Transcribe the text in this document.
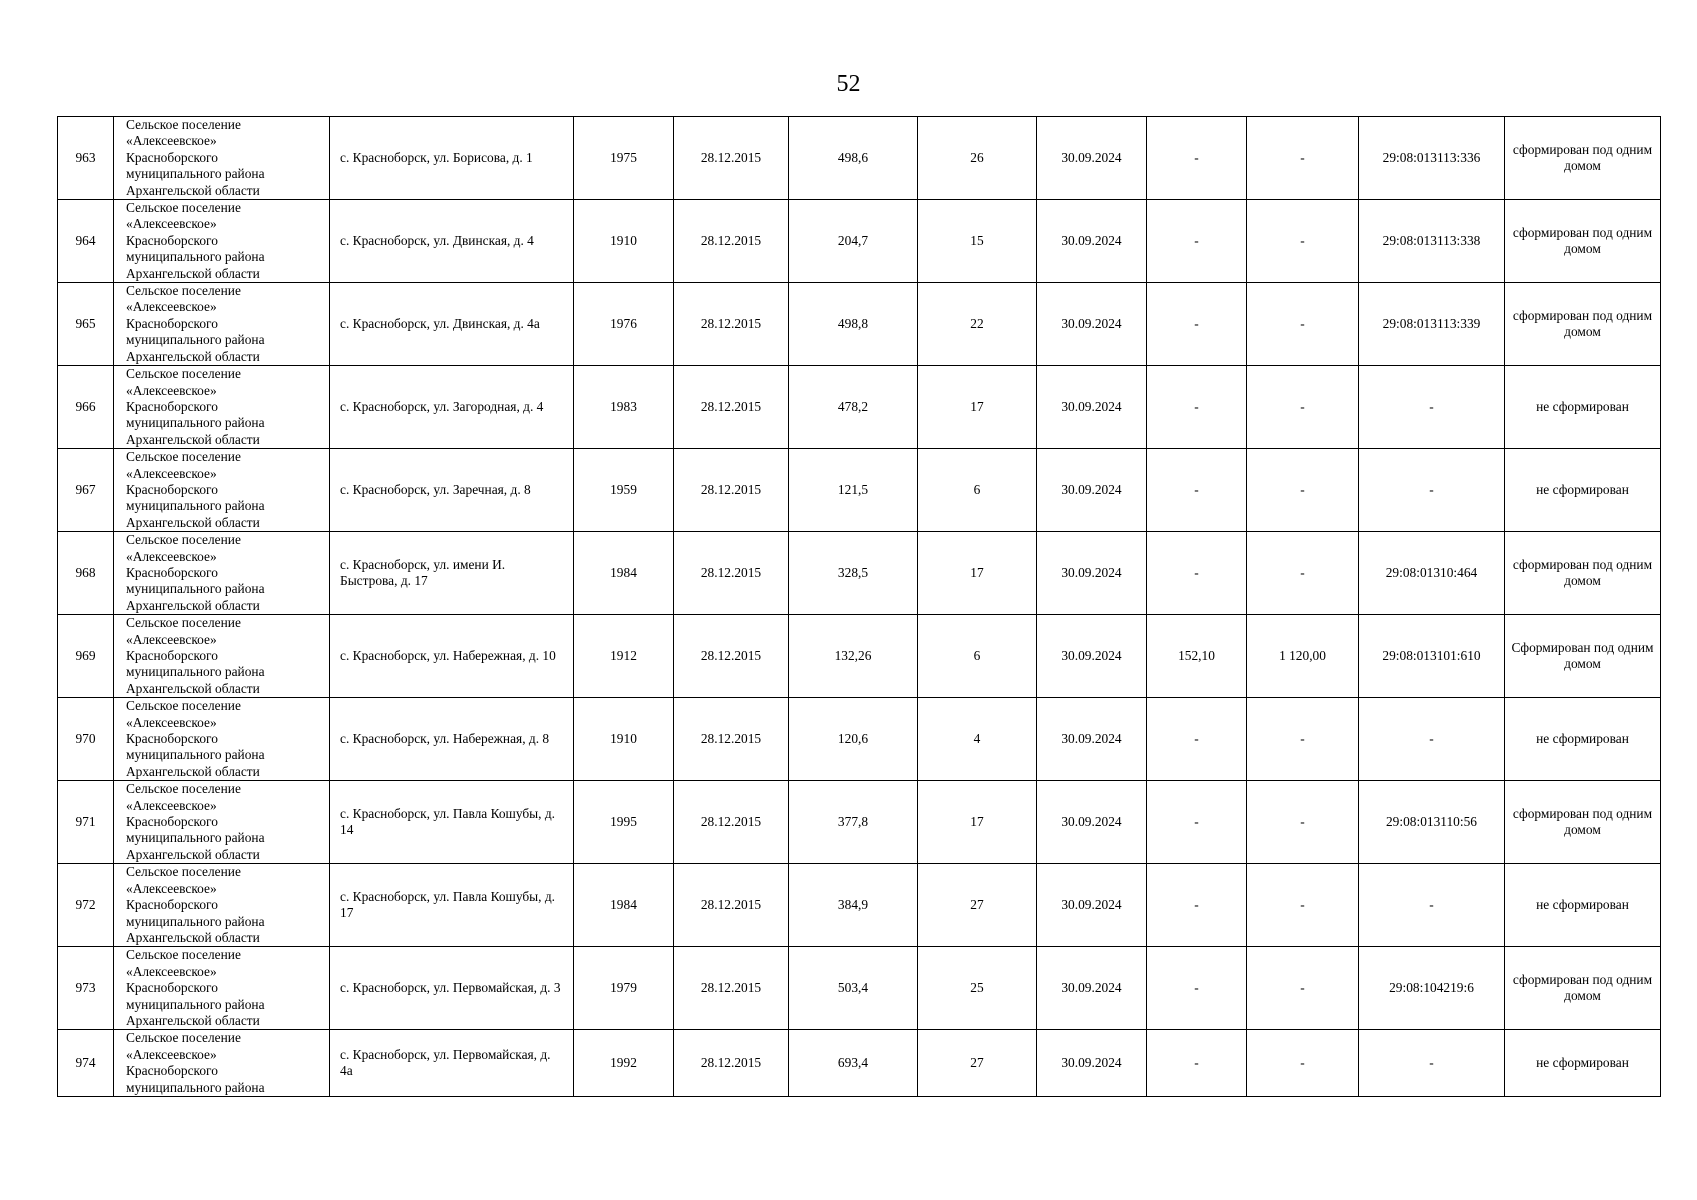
52
963	Сельское поселение
«Алексеевское»
Красноборского
муниципального района
Архангельской области	с. Красноборск, ул. Борисова, д. 1	1975	28.12.2015	498,6	26	30.09.2024	-	-	29:08:013113:336	сформирован под одним домом
964	Сельское поселение
«Алексеевское»
Красноборского
муниципального района
Архангельской области	с. Красноборск, ул. Двинская, д. 4	1910	28.12.2015	204,7	15	30.09.2024	-	-	29:08:013113:338	сформирован под одним домом
965	Сельское поселение
«Алексеевское»
Красноборского
муниципального района
Архангельской области	с. Красноборск, ул. Двинская, д. 4а	1976	28.12.2015	498,8	22	30.09.2024	-	-	29:08:013113:339	сформирован под одним домом
966	Сельское поселение
«Алексеевское»
Красноборского
муниципального района
Архангельской области	с. Красноборск, ул. Загородная, д. 4	1983	28.12.2015	478,2	17	30.09.2024	-	-	-	не сформирован
967	Сельское поселение
«Алексеевское»
Красноборского
муниципального района
Архангельской области	с. Красноборск, ул. Заречная, д. 8	1959	28.12.2015	121,5	6	30.09.2024	-	-	-	не сформирован
968	Сельское поселение
«Алексеевское»
Красноборского
муниципального района
Архангельской области	с. Красноборск, ул. имени И. Быстрова, д. 17	1984	28.12.2015	328,5	17	30.09.2024	-	-	29:08:01310:464	сформирован под одним домом
969	Сельское поселение
«Алексеевское»
Красноборского
муниципального района
Архангельской области	с. Красноборск, ул. Набережная, д. 10	1912	28.12.2015	132,26	6	30.09.2024	152,10	1 120,00	29:08:013101:610	Сформирован под одним домом
970	Сельское поселение
«Алексеевское»
Красноборского
муниципального района
Архангельской области	с. Красноборск, ул. Набережная, д. 8	1910	28.12.2015	120,6	4	30.09.2024	-	-	-	не сформирован
971	Сельское поселение
«Алексеевское»
Красноборского
муниципального района
Архангельской области	с. Красноборск, ул. Павла Кошубы, д. 14	1995	28.12.2015	377,8	17	30.09.2024	-	-	29:08:013110:56	сформирован под одним домом
972	Сельское поселение
«Алексеевское»
Красноборского
муниципального района
Архангельской области	с. Красноборск, ул. Павла Кошубы, д. 17	1984	28.12.2015	384,9	27	30.09.2024	-	-	-	не сформирован
973	Сельское поселение
«Алексеевское»
Красноборского
муниципального района
Архангельской области	с. Красноборск, ул. Первомайская, д. 3	1979	28.12.2015	503,4	25	30.09.2024	-	-	29:08:104219:6	сформирован под одним домом
974	Сельское поселение
«Алексеевское»
Красноборского
муниципального района	с. Красноборск, ул. Первомайская, д. 4а	1992	28.12.2015	693,4	27	30.09.2024	-	-	-	не сформирован
